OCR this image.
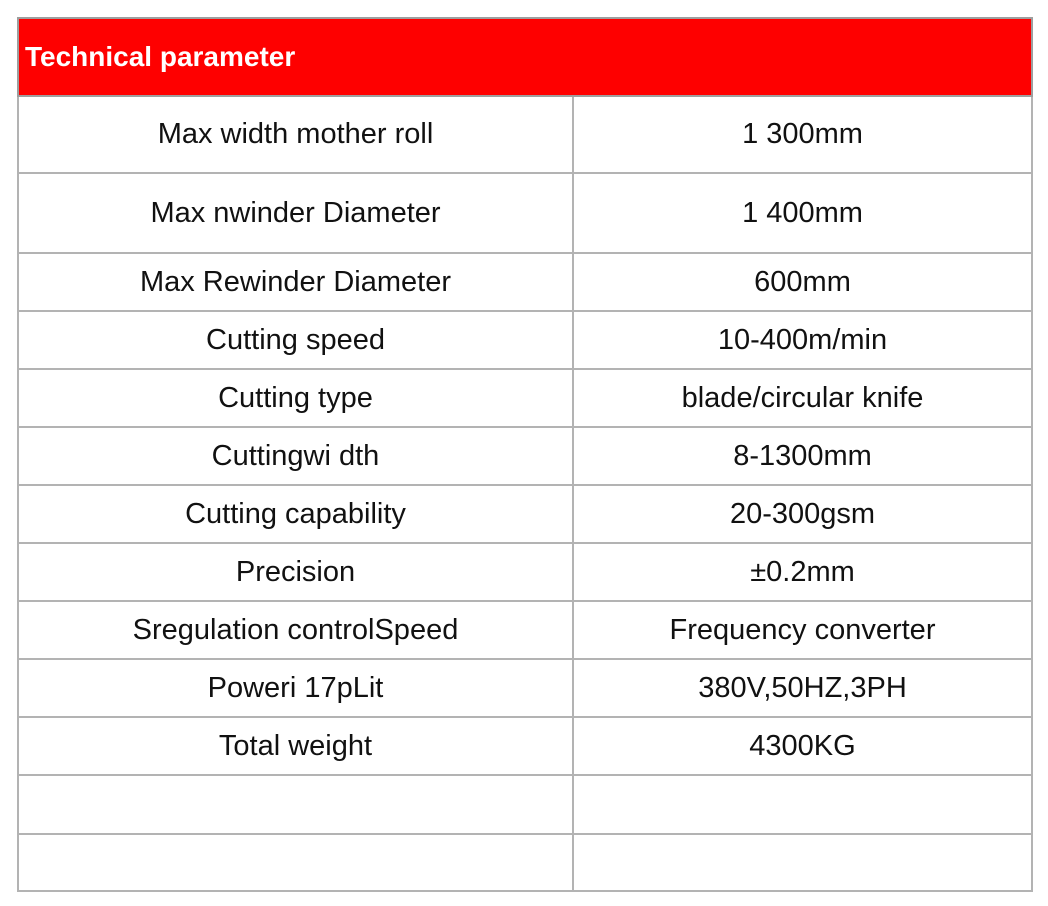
Technical parameter	
Max width mother roll	1 300mm
Max nwinder Diameter	1 400mm
Max Rewinder Diameter	600mm
Cutting speed	10-400m/min
Cutting type	blade/circular knife
Cuttingwi dth	8-1300mm
Cutting capability	20-300gsm
Precision	±0.2mm
Sregulation controlSpeed	Frequency converter
Poweri 17pLit	380V,50HZ,3PH
Total weight	4300KG
